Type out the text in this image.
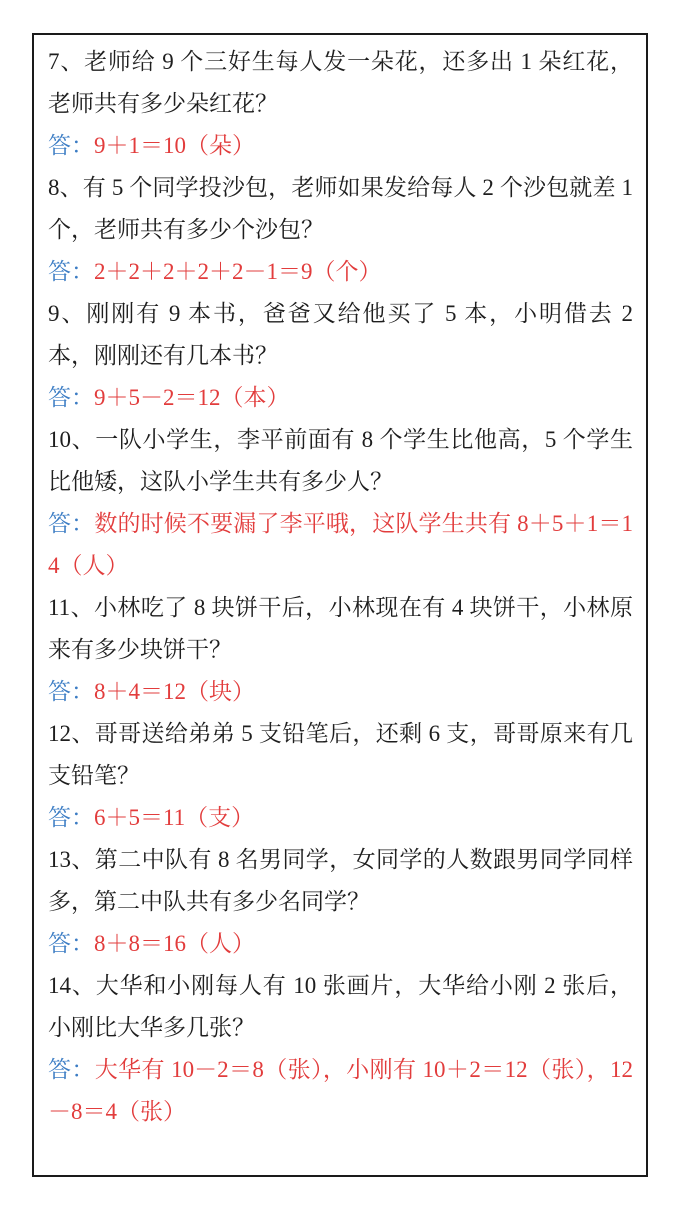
7、老师给 9 个三好生每人发一朵花，还多出 1 朵红花，老师共有多少朵红花？

答：9＋1＝10（朵）

8、有 5 个同学投沙包，老师如果发给每人 2 个沙包就差 1 个，老师共有多少个沙包？

答：2＋2＋2＋2＋2－1＝9（个）

9、刚刚有 9 本书，爸爸又给他买了 5 本，小明借去 2 本，刚刚还有几本书？

答：9＋5－2＝12（本）

10、一队小学生，李平前面有 8 个学生比他高，5 个学生比他矮，这队小学生共有多少人？

答：数的时候不要漏了李平哦，这队学生共有 8＋5＋1＝14（人）

11、小林吃了 8 块饼干后，小林现在有 4 块饼干，小林原来有多少块饼干？

答：8＋4＝12（块）

12、哥哥送给弟弟 5 支铅笔后，还剩 6 支，哥哥原来有几支铅笔？

答：6＋5＝11（支）

13、第二中队有 8 名男同学，女同学的人数跟男同学同样多，第二中队共有多少名同学？

答：8＋8＝16（人）

14、大华和小刚每人有 10 张画片，大华给小刚 2 张后，小刚比大华多几张？

答：大华有 10－2＝8（张），小刚有 10＋2＝12（张），12－8＝4（张）
